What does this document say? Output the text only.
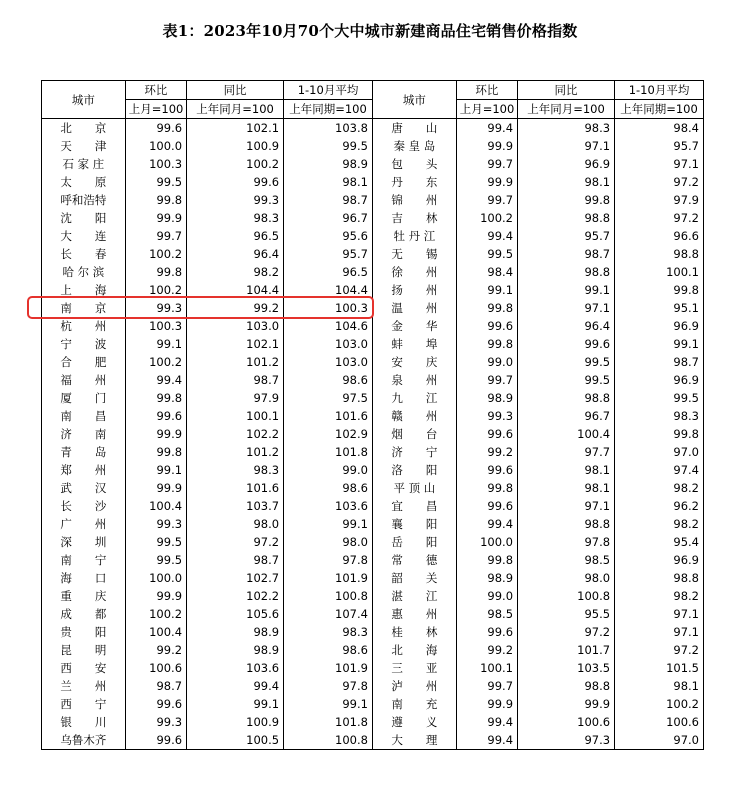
表1：2023年10月70个大中城市新建商品住宅销售价格指数
城市	环比	同比	1-10月平均	城市	环比	同比	1-10月平均
	上月=100	上年同月=100	上年同期=100		上月=100	上年同月=100	上年同期=100
北　　京	99.6	102.1	103.8	唐　　山	99.4	98.3	98.4
天　　津	100.0	100.9	99.5	秦 皇 岛	99.9	97.1	95.7
石 家 庄	100.3	100.2	98.9	包　　头	99.7	96.9	97.1
太　　原	99.5	99.6	98.1	丹　　东	99.9	98.1	97.2
呼和浩特	99.8	99.3	98.7	锦　　州	99.7	99.8	97.9
沈　　阳	99.9	98.3	96.7	吉　　林	100.2	98.8	97.2
大　　连	99.7	96.5	95.6	牡 丹 江	99.4	95.7	96.6
长　　春	100.2	96.4	95.7	无　　锡	99.5	98.7	98.8
哈 尔 滨	99.8	98.2	96.5	徐　　州	98.4	98.8	100.1
上　　海	100.2	104.4	104.4	扬　　州	99.1	99.1	99.8
南　　京	99.3	99.2	100.3	温　　州	99.8	97.1	95.1
杭　　州	100.3	103.0	104.6	金　　华	99.6	96.4	96.9
宁　　波	99.1	102.1	103.0	蚌　　埠	99.8	99.6	99.1
合　　肥	100.2	101.2	103.0	安　　庆	99.0	99.5	98.7
福　　州	99.4	98.7	98.6	泉　　州	99.7	99.5	96.9
厦　　门	99.8	97.9	97.5	九　　江	98.9	98.8	99.5
南　　昌	99.6	100.1	101.6	赣　　州	99.3	96.7	98.3
济　　南	99.9	102.2	102.9	烟　　台	99.6	100.4	99.8
青　　岛	99.8	101.2	101.8	济　　宁	99.2	97.7	97.0
郑　　州	99.1	98.3	99.0	洛　　阳	99.6	98.1	97.4
武　　汉	99.9	101.6	98.6	平 顶 山	99.8	98.1	98.2
长　　沙	100.4	103.7	103.6	宜　　昌	99.6	97.1	96.2
广　　州	99.3	98.0	99.1	襄　　阳	99.4	98.8	98.2
深　　圳	99.5	97.2	98.0	岳　　阳	100.0	97.8	95.4
南　　宁	99.5	98.7	97.8	常　　德	99.8	98.5	96.9
海　　口	100.0	102.7	101.9	韶　　关	98.9	98.0	98.8
重　　庆	99.9	102.2	100.8	湛　　江	99.0	100.8	98.2
成　　都	100.2	105.6	107.4	惠　　州	98.5	95.5	97.1
贵　　阳	100.4	98.9	98.3	桂　　林	99.6	97.2	97.1
昆　　明	99.2	98.9	98.6	北　　海	99.2	101.7	97.2
西　　安	100.6	103.6	101.9	三　　亚	100.1	103.5	101.5
兰　　州	98.7	99.4	97.8	泸　　州	99.7	98.8	98.1
西　　宁	99.6	99.1	99.1	南　　充	99.9	99.9	100.2
银　　川	99.3	100.9	101.8	遵　　义	99.4	100.6	100.6
乌鲁木齐	99.6	100.5	100.8	大　　理	99.4	97.3	97.0
